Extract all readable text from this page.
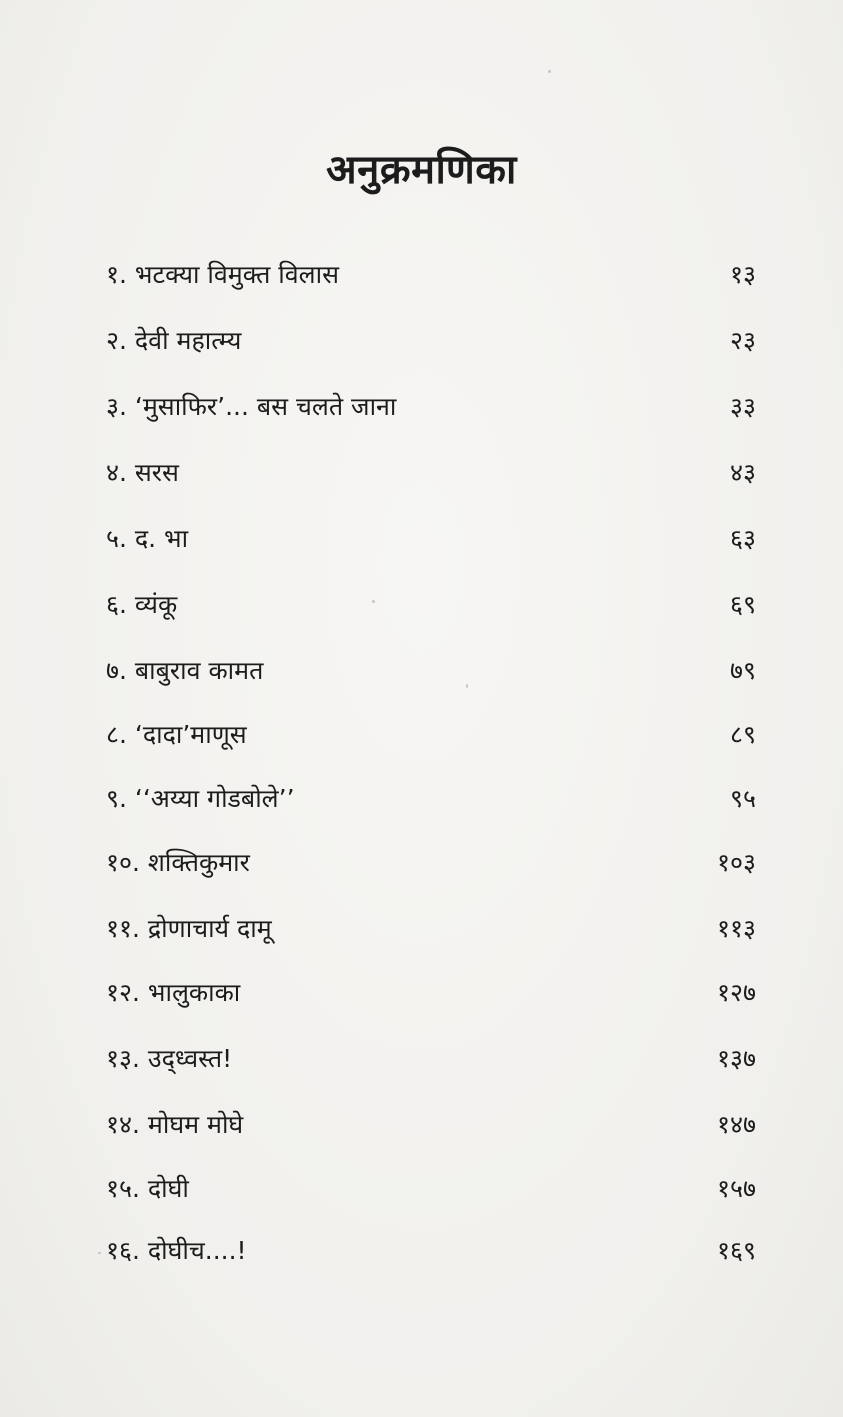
अनुक्रमणिका
१. भटक्या विमुक्त विलास	१३
२. देवी महात्म्य	२३
३. ‘मुसाफिर’... बस चलते जाना	३३
४. सरस	४३
५. द. भा	६३
६. व्यंकू	६९
७. बाबुराव कामत	७९
८. ‘दादा’माणूस	८९
९. ‘‘अय्या गोडबोले’’	९५
१०. शक्तिकुमार	१०३
११. द्रोणाचार्य दामू	११३
१२. भालुकाका	१२७
१३. उद्ध्वस्त!	१३७
१४. मोघम मोघे	१४७
१५. दोघी	१५७
१६. दोघीच....!	१६९
